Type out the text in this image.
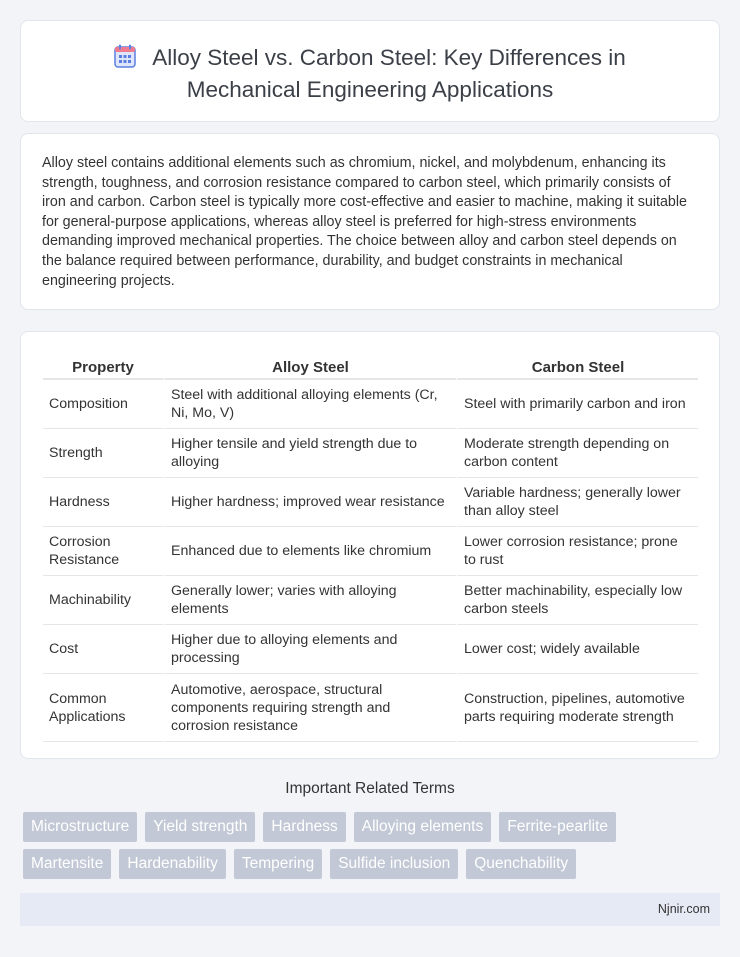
Alloy Steel vs. Carbon Steel: Key Differences in
Mechanical Engineering Applications

Alloy steel contains additional elements such as chromium, nickel, and molybdenum, enhancing its strength, toughness, and corrosion resistance compared to carbon steel, which primarily consists of iron and carbon. Carbon steel is typically more cost-effective and easier to machine, making it suitable for general-purpose applications, whereas alloy steel is preferred for high-stress environments demanding improved mechanical properties. The choice between alloy and carbon steel depends on the balance required between performance, durability, and budget constraints in mechanical engineering projects.

Property	Alloy Steel	Carbon Steel
Composition	Steel with additional alloying elements (Cr, Ni, Mo, V)	Steel with primarily carbon and iron
Strength	Higher tensile and yield strength due to alloying	Moderate strength depending on carbon content
Hardness	Higher hardness; improved wear resistance	Variable hardness; generally lower than alloy steel
Corrosion Resistance	Enhanced due to elements like chromium	Lower corrosion resistance; prone to rust
Machinability	Generally lower; varies with alloying elements	Better machinability, especially low carbon steels
Cost	Higher due to alloying elements and processing	Lower cost; widely available
Common Applications	Automotive, aerospace, structural components requiring strength and corrosion resistance	Construction, pipelines, automotive parts requiring moderate strength
Important Related Terms
Microstructure	Yield strength	Hardness	Alloying elements	Ferrite-pearlite
Martensite	Hardenability	Tempering	Sulfide inclusion	Quenchability
Njnir.com
